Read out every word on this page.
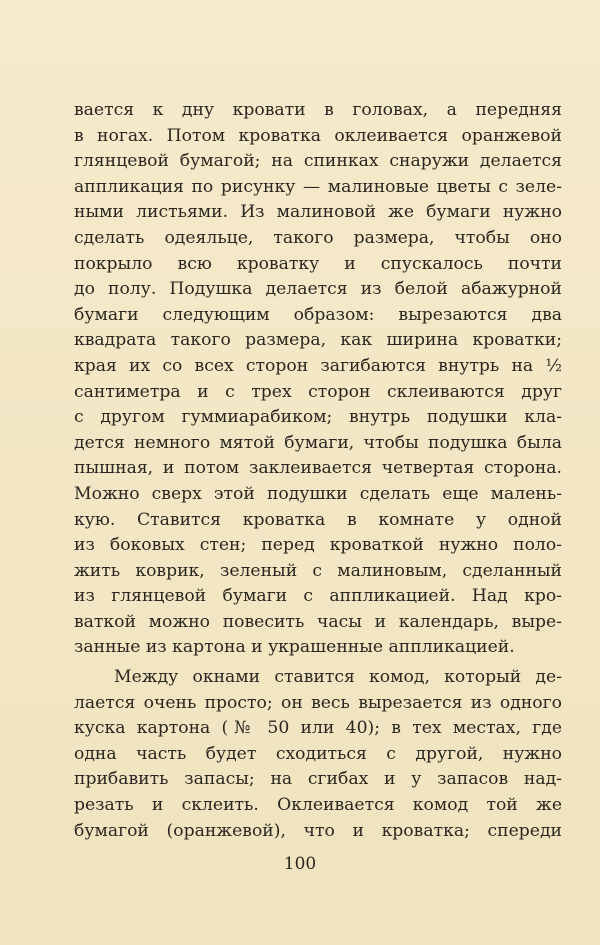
вается к дну кровати в головах, а передняя
в ногах. Потом кроватка оклеивается оранжевой
глянцевой бумагой; на спинках снаружи делается
аппликация по рисунку — малиновые цветы с зеле-
ными листьями. Из малиновой же бумаги нужно
сделать одеяльце, такого размера, чтобы оно
покрыло всю кроватку и спускалось почти
до полу. Подушка делается из белой абажурной
бумаги следующим образом: вырезаются два
квадрата такого размера, как ширина кроватки;
края их со всех сторон загибаются внутрь на ½
сантиметра и с трех сторон склеиваются друг
с другом гуммиарабиком; внутрь подушки кла-
дется немного мятой бумаги, чтобы подушка была
пышная, и потом заклеивается четвертая сторона.
Можно сверх этой подушки сделать еще малень-
кую. Ставится кроватка в комнате у одной
из боковых стен; перед кроваткой нужно поло-
жить коврик, зеленый с малиновым, сделанный
из глянцевой бумаги с аппликацией. Над кро-
ваткой можно повесить часы и календарь, выре-
занные из картона и украшенные аппликацией.
Между окнами ставится комод, который де-
лается очень просто; он весь вырезается из одного
куска картона (№ 50 или 40); в тех местах, где
одна часть будет сходиться с другой, нужно
прибавить запасы; на сгибах и у запасов над-
резать и склеить. Оклеивается комод той же
бумагой (оранжевой), что и кроватка; спереди
100
